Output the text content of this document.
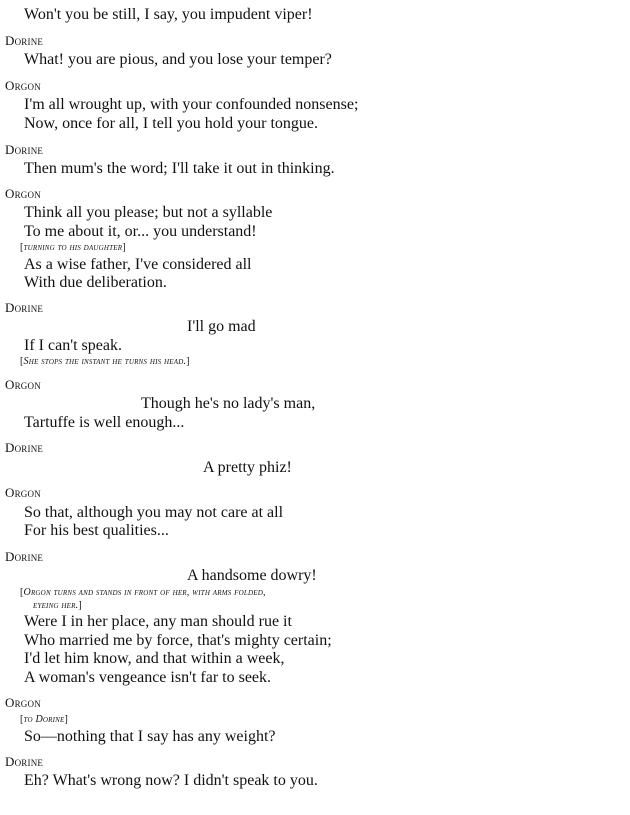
Won't you be still, I say, you impudent viper!
Dorine
What! you are pious, and you lose your temper?
Orgon
I'm all wrought up, with your confounded nonsense;
Now, once for all, I tell you hold your tongue.
Dorine
Then mum's the word; I'll take it out in thinking.
Orgon
Think all you please; but not a syllable
To me about it, or... you understand!
[turning to his daughter]
As a wise father, I've considered all
With due deliberation.
Dorine
I'll go mad
If I can't speak.
[She stops the instant he turns his head.]
Orgon
Though he's no lady's man,
Tartuffe is well enough...
Dorine
A pretty phiz!
Orgon
So that, although you may not care at all
For his best qualities...
Dorine
A handsome dowry!
[Orgon turns and stands in front of her, with arms folded,
eyeing her.]
Were I in her place, any man should rue it
Who married me by force, that's mighty certain;
I'd let him know, and that within a week,
A woman's vengeance isn't far to seek.
Orgon
[to Dorine]
So—nothing that I say has any weight?
Dorine
Eh? What's wrong now? I didn't speak to you.
